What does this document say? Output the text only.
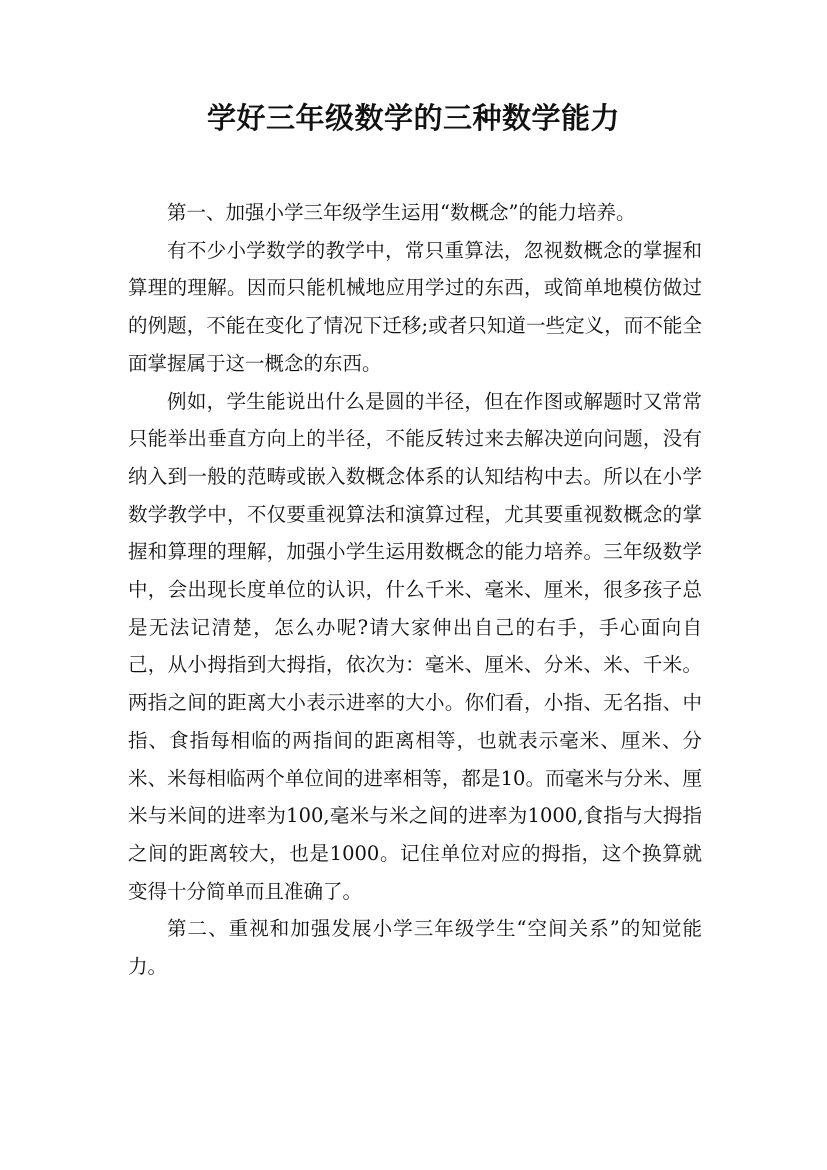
学好三年级数学的三种数学能力

第一、加强小学三年级学生运用“数概念”的能力培养。

有不少小学数学的教学中，常只重算法，忽视数概念的掌握和算理的理解。因而只能机械地应用学过的东西，或简单地模仿做过的例题，不能在变化了情况下迁移;或者只知道一些定义，而不能全面掌握属于这一概念的东西。

例如，学生能说出什么是圆的半径，但在作图或解题时又常常只能举出垂直方向上的半径，不能反转过来去解决逆向问题，没有纳入到一般的范畴或嵌入数概念体系的认知结构中去。所以在小学数学教学中，不仅要重视算法和演算过程，尤其要重视数概念的掌握和算理的理解，加强小学生运用数概念的能力培养。三年级数学中，会出现长度单位的认识，什么千米、毫米、厘米，很多孩子总是无法记清楚，怎么办呢?请大家伸出自己的右手，手心面向自己，从小拇指到大拇指，依次为：毫米、厘米、分米、米、千米。两指之间的距离大小表示进率的大小。你们看，小指、无名指、中指、食指每相临的两指间的距离相等，也就表示毫米、厘米、分米、米每相临两个单位间的进率相等，都是10。而毫米与分米、厘米与米间的进率为100,毫米与米之间的进率为1000,食指与大拇指之间的距离较大，也是1000。记住单位对应的拇指，这个换算就变得十分简单而且准确了。

第二、重视和加强发展小学三年级学生“空间关系”的知觉能力。
